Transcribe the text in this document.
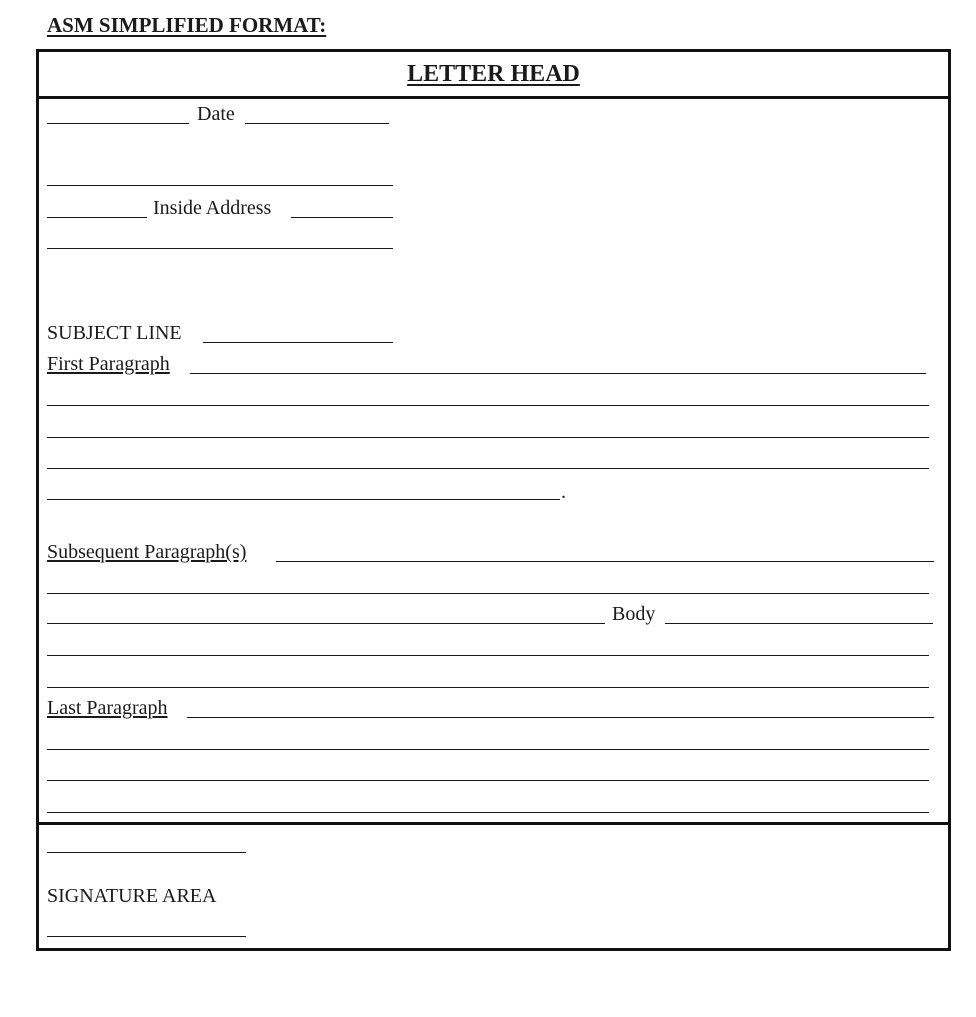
ASM SIMPLIFIED FORMAT:
Date
LETTER HEAD
Inside Address
SUBJECT LINE
First Paragraph
.
Subsequent Paragraph(s)
Body
Last Paragraph
SIGNATURE AREA
